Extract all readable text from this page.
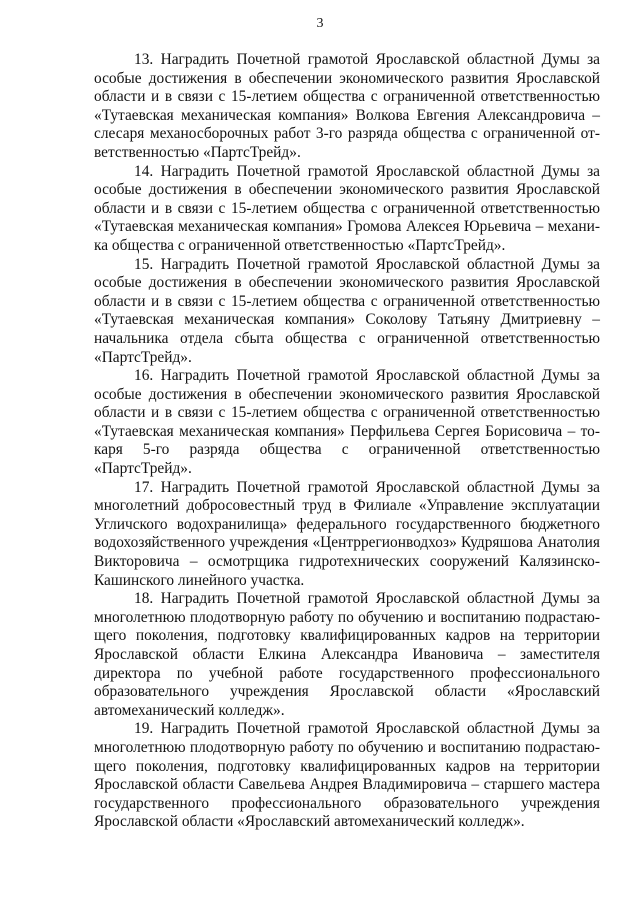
3

13. Наградить Почетной грамотой Ярославской областной Думы за особые достижения в обеспечении экономического развития Ярославской области и в связи с 15-летием общества с ограниченной ответственностью «Тутаевская механическая компания» Волкова Евгения Александровича – слесаря механосборочных работ 3-го разряда общества с ограниченной ответственностью «ПартсТрейд».

14. Наградить Почетной грамотой Ярославской областной Думы за особые достижения в обеспечении экономического развития Ярославской области и в связи с 15-летием общества с ограниченной ответственностью «Тутаевская механическая компания» Громова Алексея Юрьевича – механика общества с ограниченной ответственностью «ПартсТрейд».

15. Наградить Почетной грамотой Ярославской областной Думы за особые достижения в обеспечении экономического развития Ярославской области и в связи с 15-летием общества с ограниченной ответственностью «Тутаевская механическая компания» Соколову Татьяну Дмитриевну – начальника отдела сбыта общества с ограниченной ответственностью «ПартсТрейд».

16. Наградить Почетной грамотой Ярославской областной Думы за особые достижения в обеспечении экономического развития Ярославской области и в связи с 15-летием общества с ограниченной ответственностью «Тутаевская механическая компания» Перфильева Сергея Борисовича – токаря 5-го разряда общества с ограниченной ответственностью «ПартсТрейд».

17. Наградить Почетной грамотой Ярославской областной Думы за многолетний добросовестный труд в Филиале «Управление эксплуатации Угличского водохранилища» федерального государственного бюджетного водохозяйственного учреждения «Центррегионводхоз» Кудряшова Анатолия Викторовича – осмотрщика гидротехнических сооружений Калязинско-Кашинского линейного участка.

18. Наградить Почетной грамотой Ярославской областной Думы за многолетнюю плодотворную работу по обучению и воспитанию подрастающего поколения, подготовку квалифицированных кадров на территории Ярославской области Елкина Александра Ивановича – заместителя директора по учебной работе государственного профессионального образовательного учреждения Ярославской области «Ярославский автомеханический колледж».

19. Наградить Почетной грамотой Ярославской областной Думы за многолетнюю плодотворную работу по обучению и воспитанию подрастающего поколения, подготовку квалифицированных кадров на территории Ярославской области Савельева Андрея Владимировича – старшего мастера государственного профессионального образовательного учреждения Ярославской области «Ярославский автомеханический колледж».
